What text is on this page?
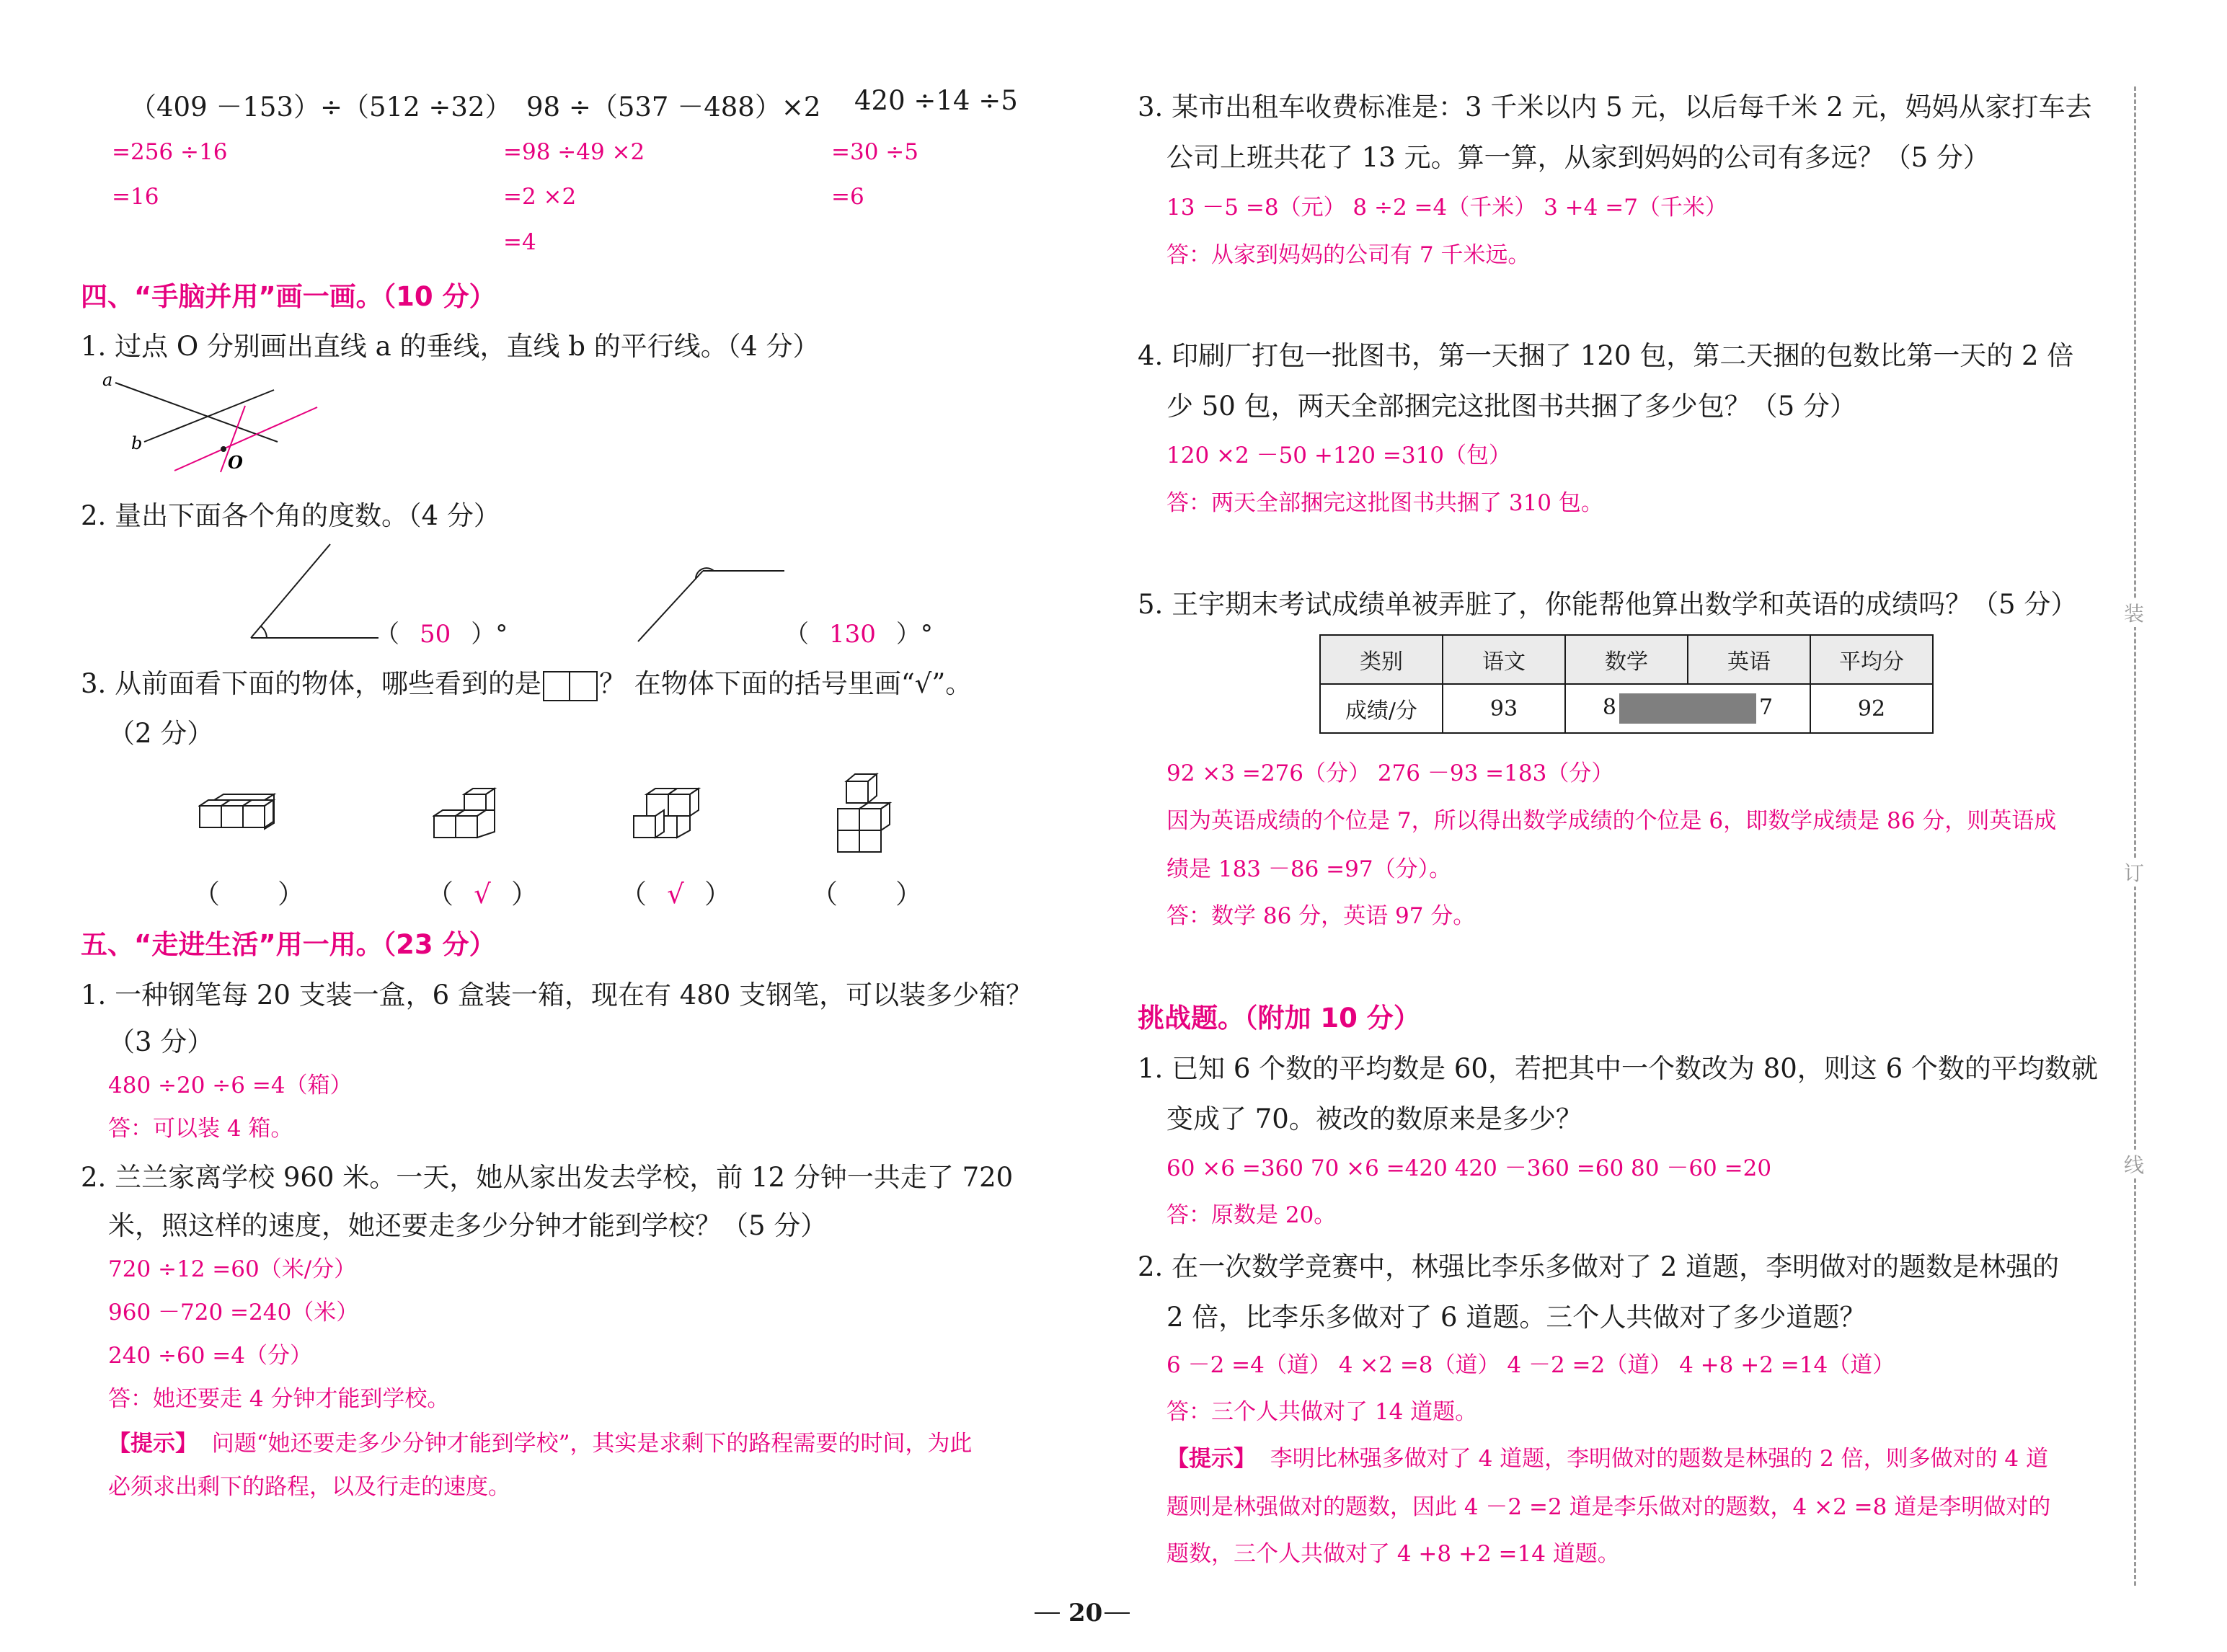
（409 －153）÷（512 ÷32） 98 ÷（537 －488）×2 420 ÷14 ÷5
=256 ÷16
=16
=98 ÷49 ×2
=2 ×2
=4
=30 ÷5
=6
四、“手脑并用”画一画。（10 分）
1. 过点 O 分别画出直线 a 的垂线，直线 b 的平行线。（4 分）
a
b
O
2. 量出下面各个角的度数。（4 分）
（ 50 ）°	（ 130 ）°
3. 从前面看下面的物体，哪些看到的是 ？ 在物体下面的括号里画“√”。
（2 分）
（ ）	（ √ ）	（ √ ）	（ ）
五、“走进生活”用一用。（23 分）
1. 一种钢笔每 20 支装一盒，6 盒装一箱，现在有 480 支钢笔，可以装多少箱？
（3 分）
480 ÷20 ÷6 =4（箱）
答：可以装 4 箱。
2. 兰兰家离学校 960 米。一天，她从家出发去学校，前 12 分钟一共走了 720
米，照这样的速度，她还要走多少分钟才能到学校？（5 分）
720 ÷12 =60（米/分）
960 －720 =240（米）
240 ÷60 =4（分）
答：她还要走 4 分钟才能到学校。
【提示】 问题“她还要走多少分钟才能到学校”，其实是求剩下的路程需要的时间，为此
必须求出剩下的路程，以及行走的速度。
3. 某市出租车收费标准是：3 千米以内 5 元，以后每千米 2 元，妈妈从家打车去
公司上班共花了 13 元。算一算，从家到妈妈的公司有多远？（5 分）
13 －5 =8（元） 8 ÷2 =4（千米） 3 +4 =7（千米）
答：从家到妈妈的公司有 7 千米远。
4. 印刷厂打包一批图书，第一天捆了 120 包，第二天捆的包数比第一天的 2 倍
少 50 包，两天全部捆完这批图书共捆了多少包？（5 分）
120 ×2 －50 +120 =310（包）
答：两天全部捆完这批图书共捆了 310 包。
5. 王宇期末考试成绩单被弄脏了，你能帮他算出数学和英语的成绩吗？（5 分）
类别	语文	数学	英语	平均分
成绩/分	93	8 7		92
92 ×3 =276（分） 276 －93 =183（分）
因为英语成绩的个位是 7，所以得出数学成绩的个位是 6，即数学成绩是 86 分，则英语成
绩是 183 －86 =97（分）。
答：数学 86 分，英语 97 分。
挑战题。（附加 10 分）
1. 已知 6 个数的平均数是 60，若把其中一个数改为 80，则这 6 个数的平均数就
变成了 70。被改的数原来是多少？
60 ×6 =360 70 ×6 =420 420 －360 =60 80 －60 =20
答：原数是 20。
2. 在一次数学竞赛中，林强比李乐多做对了 2 道题，李明做对的题数是林强的
2 倍，比李乐多做对了 6 道题。三个人共做对了多少道题？
6 －2 =4（道） 4 ×2 =8（道） 4 －2 =2（道） 4 +8 +2 =14（道）
答：三个人共做对了 14 道题。
【提示】 李明比林强多做对了 4 道题，李明做对的题数是林强的 2 倍，则多做对的 4 道
题则是林强做对的题数，因此 4 －2 =2 道是李乐做对的题数，4 ×2 =8 道是李明做对的
题数，三个人共做对了 4 +8 +2 =14 道题。
装
订
线
20
